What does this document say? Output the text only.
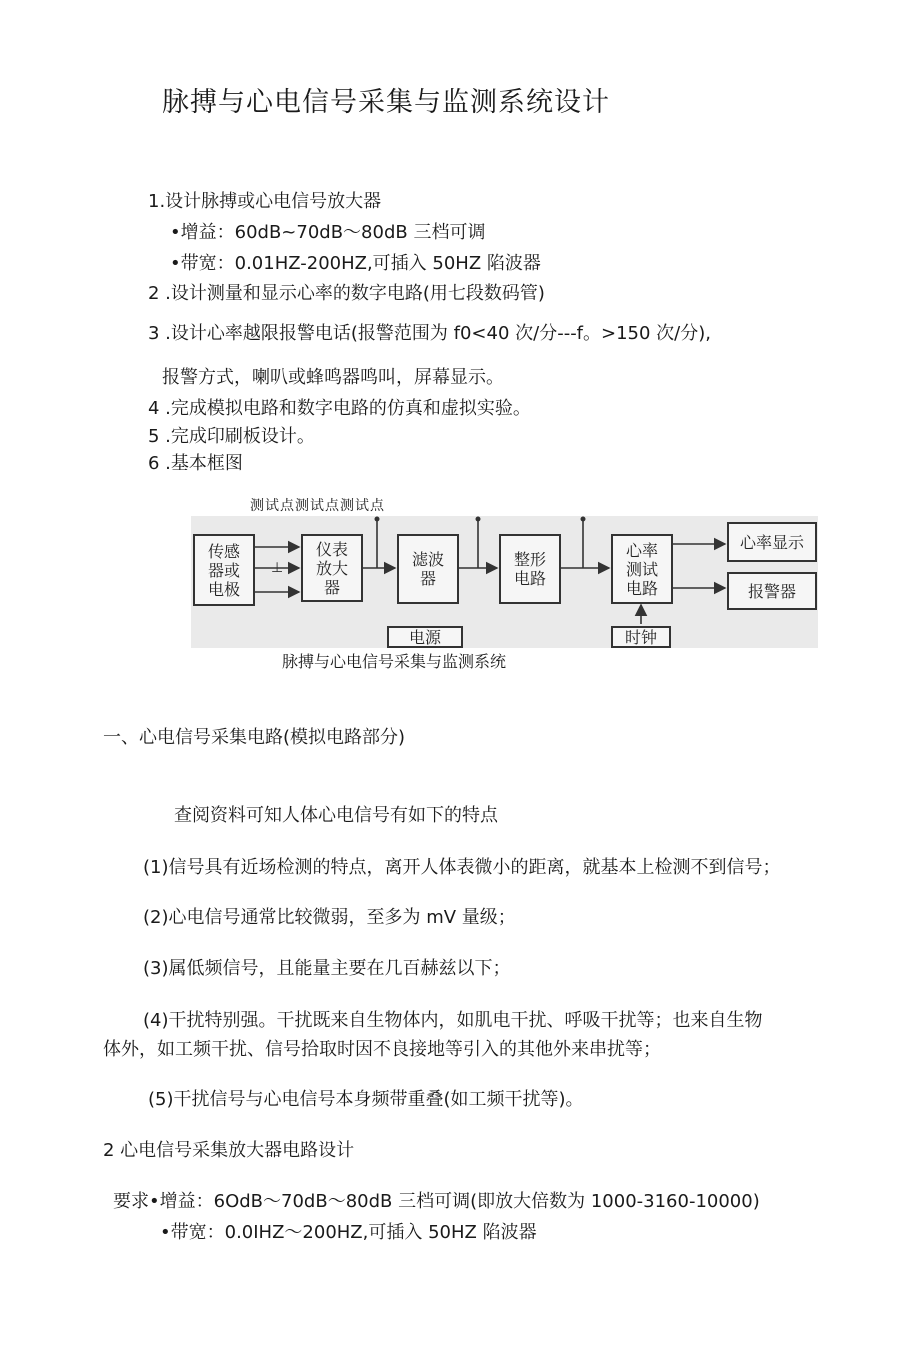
脉搏与心电信号采集与监测系统设计
1.设计脉搏或心电信号放大器
•增益：60dB~70dB～80dB 三档可调
•带宽：0.01HZ-200HZ,可插入 50HZ 陷波器
2 .设计测量和显示心率的数字电路(用七段数码管)
3 .设计心率越限报警电话(报警范围为 f0<40 次/分---f。>150 次/分),
报警方式，喇叭或蜂鸣器鸣叫，屏幕显示。
4 .完成模拟电路和数字电路的仿真和虚拟实验。
5 .完成印刷板设计。
6 .基本框图
测试点测试点测试点
⊥
传感器或电极
仪表放大器
滤波器
整形电路
心率测试电路
心率显示
报警器
电源	时钟
脉搏与心电信号采集与监测系统
一、心电信号采集电路(模拟电路部分)
查阅资料可知人体心电信号有如下的特点
(1)信号具有近场检测的特点，离开人体表微小的距离，就基本上检测不到信号；
(2)心电信号通常比较微弱，至多为 mV 量级；
(3)属低频信号，且能量主要在几百赫兹以下；
(4)干扰特别强。干扰既来自生物体内，如肌电干扰、呼吸干扰等；也来自生物
体外，如工频干扰、信号拾取时因不良接地等引入的其他外来串扰等；
(5)干扰信号与心电信号本身频带重叠(如工频干扰等)。
2 心电信号采集放大器电路设计
要求•增益：6OdB～70dB～80dB 三档可调(即放大倍数为 1000-3160-10000)
•带宽：0.0IHZ～200HZ,可插入 50HZ 陷波器
